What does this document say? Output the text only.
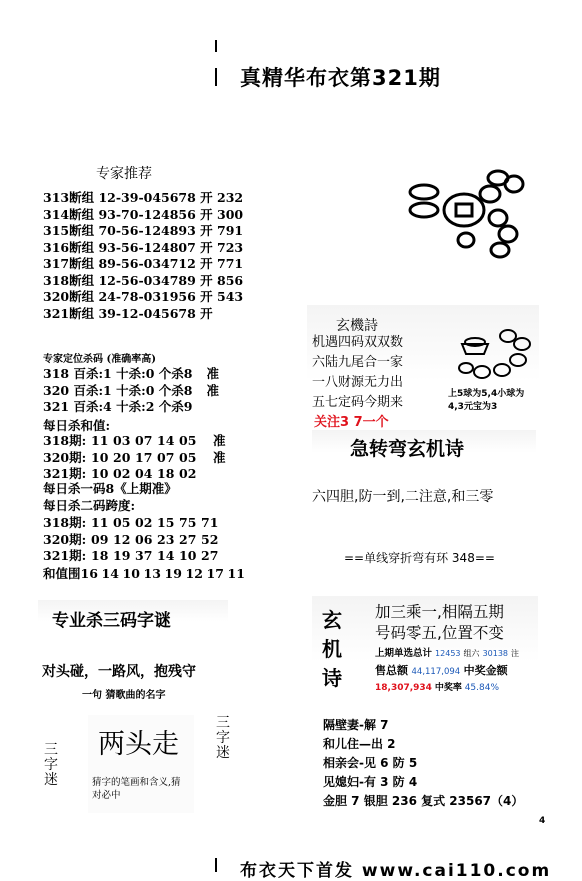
真精华布衣第321期
专家推荐
313断组 12-39-045678 开 232
314断组 93-70-124856 开 300
315断组 70-56-124893 开 791
316断组 93-56-124807 开 723
317断组 89-56-034712 开 771
318断组 12-56-034789 开 856
320断组 24-78-031956 开 543
321断组 39-12-045678 开
专家定位杀码 (准确率高)
318 百杀:1 十杀:0 个杀8 准
320 百杀:1 十杀:0 个杀8 准
321 百杀:4 十杀:2 个杀9
每日杀和值:
318期: 11 03 07 14 05 准
320期: 10 20 17 07 05 准
321期: 10 02 04 18 02
每日杀一码8《上期准》
每日杀二码跨度:
318期: 11 05 02 15 75 71
320期: 09 12 06 23 27 52
321期: 18 19 37 14 10 27
和值围16 14 10 13 19 12 17 11
专业杀三码字谜
对头碰，一路风，抱残守
一句 猜歌曲的名字
两头走
猜字的笔画和含义,猜对必中
三字迷
三字迷
玄機詩
机遇四码双双数
六陆九尾合一家
一八财源无力出
五七定码今期来
关注3 7一个
上5球为5,4小球为4,3元宝为3
急转弯玄机诗
六四胆,防一到,二注意,和三零
==单线穿折弯有环 348==
玄
机
诗
加三乘一,相隔五期
号码零五,位置不变
上期单选总计 12453 组六 30138 注
售总额 44,117,094 中奖金额
18,307,934 中奖率 45.84%
隔壁妻-解 7
和儿住—出 2
相亲会-见 6 防 5
见媳妇-有 3 防 4
金胆 7 银胆 236 复式 23567（4）
4
布衣天下首发 www.cai110.com
